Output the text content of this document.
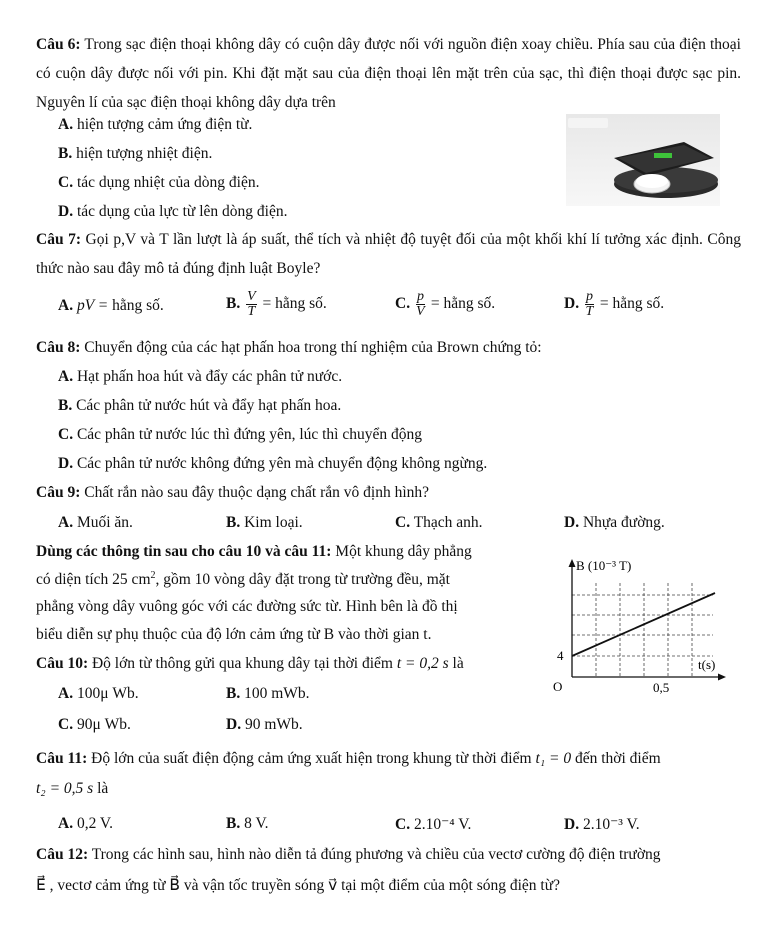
Câu 6: Trong sạc điện thoại không dây có cuộn dây được nối với nguồn điện xoay chiều. Phía sau của điện thoại có cuộn dây được nối với pin. Khi đặt mặt sau của điện thoại lên mặt trên của sạc, thì điện thoại được sạc pin. Nguyên lí của sạc điện thoại không dây dựa trên
A. hiện tượng cảm ứng điện từ.
B. hiện tượng nhiệt điện.
C. tác dụng nhiệt của dòng điện.
D. tác dụng của lực từ lên dòng điện.
Câu 7: Gọi p,V và T lần lượt là áp suất, thể tích và nhiệt độ tuyệt đối của một khối khí lí tưởng xác định. Công thức nào sau đây mô tả đúng định luật Boyle?
A. pV = hằng số.	B. $\frac{V}{T}$ = hằng số.	C. $\frac{p}{V}$ = hằng số.	D. $\frac{p}{T}$ = hằng số.
Câu 8: Chuyển động của các hạt phấn hoa trong thí nghiệm của Brown chứng tỏ:
A. Hạt phấn hoa hút và đẩy các phân tử nước.
B. Các phân tử nước hút và đẩy hạt phấn hoa.
C. Các phân tử nước lúc thì đứng yên, lúc thì chuyển động
D. Các phân tử nước không đứng yên mà chuyển động không ngừng.
Câu 9: Chất rắn nào sau đây thuộc dạng chất rắn vô định hình?
A. Muối ăn.	B. Kim loại.	C. Thạch anh.	D. Nhựa đường.
Dùng các thông tin sau cho câu 10 và câu 11: Một khung dây phẳng
có diện tích 25 $cm^2$, gồm 10 vòng dây đặt trong từ trường đều, mặt
phẳng vòng dây vuông góc với các đường sức từ. Hình bên là đồ thị
biểu diễn sự phụ thuộc của độ lớn cảm ứng từ B vào thời gian t.
B (10⁻³ T)
t(s)
4
O	0,5
Câu 10: Độ lớn từ thông gửi qua khung dây tại thời điểm t = 0,2 s là
A. 100μ Wb.	B. 100 mWb.
C. 90μ Wb.	D. 90 mWb.
Câu 11: Độ lớn của suất điện động cảm ứng xuất hiện trong khung từ thời điểm t₁ = 0 đến thời điểm
t₂ = 0,5 s là
A. 0,2 V.	B. 8 V.	C. 2.10⁻⁴ V.	D. 2.10⁻³ V.
Câu 12: Trong các hình sau, hình nào diễn tả đúng phương và chiều của vectơ cường độ điện trường
E⃗ , vectơ cảm ứng từ B⃗ và vận tốc truyền sóng v⃗ tại một điểm của một sóng điện từ?
